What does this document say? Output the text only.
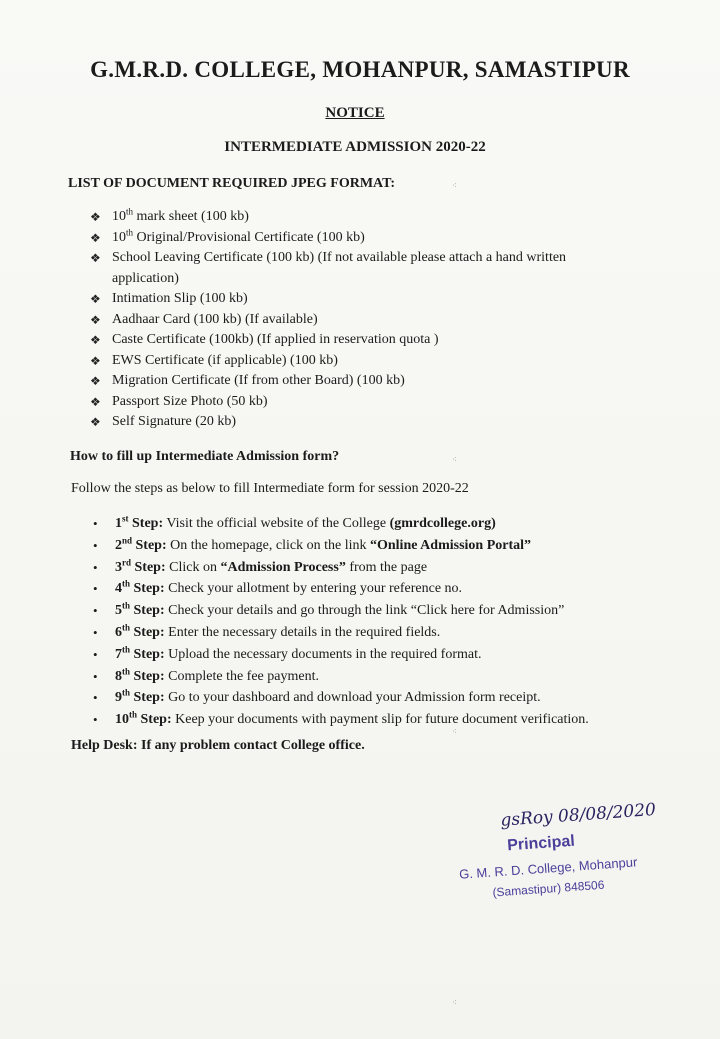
G.M.R.D. COLLEGE, MOHANPUR, SAMASTIPUR
NOTICE
INTERMEDIATE ADMISSION 2020-22
LIST OF DOCUMENT REQUIRED JPEG FORMAT:
❖ 10th mark sheet (100 kb)
❖ 10th Original/Provisional Certificate (100 kb)
❖ School Leaving Certificate (100 kb) (If not available please attach a hand written application)
❖ Intimation Slip (100 kb)
❖ Aadhaar Card (100 kb) (If available)
❖ Caste Certificate (100kb) (If applied in reservation quota )
❖ EWS Certificate (if applicable) (100 kb)
❖ Migration Certificate (If from other Board) (100 kb)
❖ Passport Size Photo (50 kb)
❖ Self Signature (20 kb)
How to fill up Intermediate Admission form?
Follow the steps as below to fill Intermediate form for session 2020-22
• 1st Step: Visit the official website of the College (gmrdcollege.org)
• 2nd Step: On the homepage, click on the link “Online Admission Portal”
• 3rd Step: Click on “Admission Process” from the page
• 4th Step: Check your allotment by entering your reference no.
• 5th Step: Check your details and go through the link “Click here for Admission”
• 6th Step: Enter the necessary details in the required fields.
• 7th Step: Upload the necessary documents in the required format.
• 8th Step: Complete the fee payment.
• 9th Step: Go to your dashboard and download your Admission form receipt.
• 10th Step: Keep your documents with payment slip for future document verification.
Help Desk: If any problem contact College office.
gsRoy 08/08/2020
Principal
G. M. R. D. College, Mohanpur
(Samastipur) 848506
⁖
⁖
⁖
⁖
